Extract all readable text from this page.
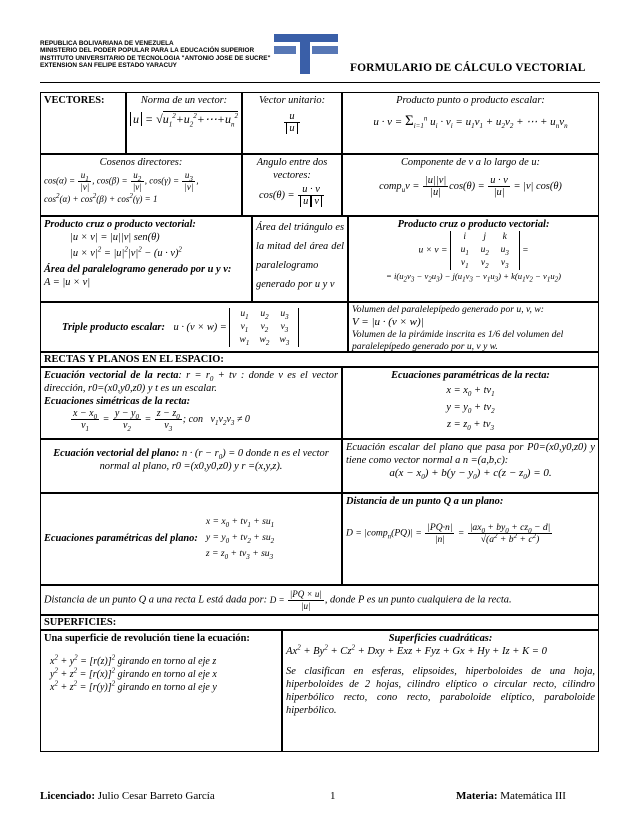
REPUBLICA BOLIVARIANA DE VENEZUELA
MINISTERIO DEL PODER POPULAR PARA LA EDUCACIÓN SUPERIOR
INSTITUTO UNIVERSITARIO DE TECNOLOGIA "ANTONIO JOSE DE SUCRE"
EXTENSION SAN FELIPE ESTADO YARACUY	FORMULARIO DE CÁLCULO VECTORIAL
VECTORES:	Norma de un vector:
$u = √u_1^2+u_2^2+\cdots+u_n^2$
Vector unitario:
$\frac{u}{u}$
Producto punto o producto escalar:
$u \cdot v = \Sigma_{i=1}^n$ $u_i \cdot v_i = u_1v_1 + u_2v_2$ + ⋯ + $u_nv_n$
Cosenos directores:
$\cos(\alpha) = \frac{u_1}{|v|}$ , $\cos(\beta) = \frac{u_2}{|v|}$ , $\cos(\gamma) = \frac{u_3}{|v|}$ ,
$\cos^2(\alpha) + \cos^2(\beta) + \cos^2(\gamma) = 1$
Angulo entre dos vectores:
$\cos(\theta) = \frac{u \cdot v}{\text{u v}}$
Componente de v a lo largo de u:
comp$_u$v = $\frac{|u||v|}{|u|} \cos(\theta) = \frac{u \cdot v}{|u|} = |v|$ cos(θ)
Producto cruz o producto vectorial:
|u × v| = |u||v| sen(θ)
$|u \times v|^2 = |u|^2|v|^2 - (u \cdot v)^2$
Área del paralelogramo generado por u y v: A = |u × v|
Área del triángulo es la mitad del área del paralelogramo generado por u y v
Producto cruz o producto vectorial:
u × v =
i	j	k
$u_1$	$u_2$	$u_3$
$v_1$	$v_2$	$v_3$
=
= $i(u_2v_3 - v_2u_3) - j(u_1v_3 - v_1u_3) + k(u_1v_2 - v_1u_2)$
Triple producto escalar: u · (v × w) =
$u_1$	$u_2$	$u_3$
$v_1$	$v_2$	$v_3$
$w_1$	$w_2$	$w_3$
Volumen del paralelepípedo generado por u, v, w:
V = |u · (v × w)|
Volumen de la pirámide inscrita es 1/6 del volumen del paralelepípedo generado por u, v y w.
RECTAS Y PLANOS EN EL ESPACIO:
Ecuación vectorial de la recta: $r = r_0$ + tv : donde v es el vector dirección, r0=(x0,y0,z0) y t es un escalar.
Ecuaciones simétricas de la recta:
$\frac{x - x_0}{v_1} = \frac{y - y_0}{v_2} = \frac{z - z_0}{v_3}$ ; con   $v_1v_2v_3 \ne 0$
Ecuaciones paramétricas de la recta:
$x = x_0 + tv_1$
$y = y_0 + tv_2$
$z = z_0 + tv_3$
Ecuación vectorial del plano: $n \cdot (r - r_0) = 0$ donde n es el vector normal al plano, r0 =(x0,y0,z0) y r =(x,y,z).
Ecuación escalar del plano que pasa por P0=(x0,y0,z0) y tiene como vector normal a n =(a,b,c):
$a(x - x_0) + b(y - y_0) + c(z - z_0) = 0$.
Ecuaciones paramétricas del plano:
$x = x_0 + tv_1 + su_1$
$y = y_0 + tv_2 + su_2$
$z = z_0 + tv_3 + su_3$
Distancia de un punto Q a un plano:
D = |comp$_n$(PQ)| = $\frac{|PQ\cdot n|}{|n|} = \frac{|ax_0 + by_0 + cz_0 - d|}{√(a^2 + b^2 + c^2)}$
Distancia de un punto Q a una recta L está dada por: $D = \frac{|PQ \times u|}{|u|}$ , donde P es un punto cualquiera de la recta.
SUPERFICIES:
Una superficie de revolución tiene la ecuación:
$x^2 + y^2 = [r(z)]^2$ girando en torno al eje z
$y^2 + z^2 = [r(x)]^2$ girando en torno al eje x
$x^2 + z^2 = [r(y)]^2$ girando en torno al eje y
Superficies cuadráticas:
$Ax^2 + By^2 + Cz^2$ + Dxy + Exz + Fyz + Gx + Hy + Iz + K = 0
Se clasifican en esferas, elipsoides, hiperboloides de una hoja, hiperboloides de 2 hojas, cilindro elíptico o circular recto, cilindro hiperbólico recto, cono recto, paraboloide elíptico, paraboloide hiperbólico.
Licenciado: Julio Cesar Barreto García	1	Materia: Matemática III
